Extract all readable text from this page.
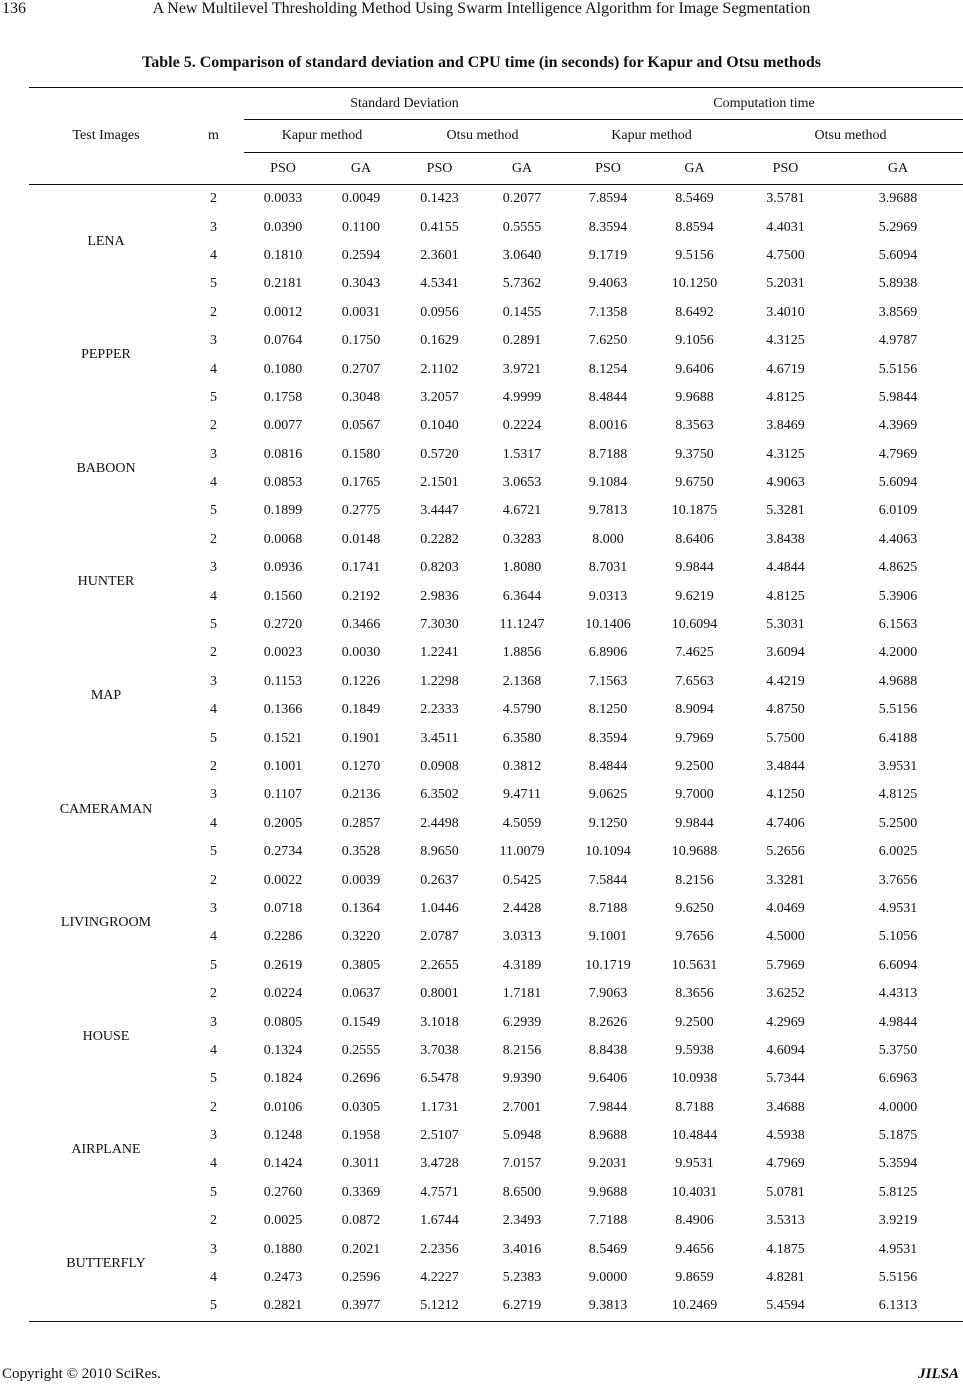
136	A New Multilevel Thresholding Method Using Swarm Intelligence Algorithm for Image Segmentation
Table 5. Comparison of standard deviation and CPU time (in seconds) for Kapur and Otsu methods
Test Images	m	Standard Deviation				Computation time			
		Kapur method		Otsu method		Kapur method		Otsu method	
		PSO	GA	PSO	GA	PSO	GA	PSO	GA
LENA	2	0.0033	0.0049	0.1423	0.2077	7.8594	8.5469	3.5781	3.9688
	3	0.0390	0.1100	0.4155	0.5555	8.3594	8.8594	4.4031	5.2969
	4	0.1810	0.2594	2.3601	3.0640	9.1719	9.5156	4.7500	5.6094
	5	0.2181	0.3043	4.5341	5.7362	9.4063	10.1250	5.2031	5.8938
PEPPER	2	0.0012	0.0031	0.0956	0.1455	7.1358	8.6492	3.4010	3.8569
	3	0.0764	0.1750	0.1629	0.2891	7.6250	9.1056	4.3125	4.9787
	4	0.1080	0.2707	2.1102	3.9721	8.1254	9.6406	4.6719	5.5156
	5	0.1758	0.3048	3.2057	4.9999	8.4844	9.9688	4.8125	5.9844
BABOON	2	0.0077	0.0567	0.1040	0.2224	8.0016	8.3563	3.8469	4.3969
	3	0.0816	0.1580	0.5720	1.5317	8.7188	9.3750	4.3125	4.7969
	4	0.0853	0.1765	2.1501	3.0653	9.1084	9.6750	4.9063	5.6094
	5	0.1899	0.2775	3.4447	4.6721	9.7813	10.1875	5.3281	6.0109
HUNTER	2	0.0068	0.0148	0.2282	0.3283	8.000	8.6406	3.8438	4.4063
	3	0.0936	0.1741	0.8203	1.8080	8.7031	9.9844	4.4844	4.8625
	4	0.1560	0.2192	2.9836	6.3644	9.0313	9.6219	4.8125	5.3906
	5	0.2720	0.3466	7.3030	11.1247	10.1406	10.6094	5.3031	6.1563
MAP	2	0.0023	0.0030	1.2241	1.8856	6.8906	7.4625	3.6094	4.2000
	3	0.1153	0.1226	1.2298	2.1368	7.1563	7.6563	4.4219	4.9688
	4	0.1366	0.1849	2.2333	4.5790	8.1250	8.9094	4.8750	5.5156
	5	0.1521	0.1901	3.4511	6.3580	8.3594	9.7969	5.7500	6.4188
CAMERAMAN	2	0.1001	0.1270	0.0908	0.3812	8.4844	9.2500	3.4844	3.9531
	3	0.1107	0.2136	6.3502	9.4711	9.0625	9.7000	4.1250	4.8125
	4	0.2005	0.2857	2.4498	4.5059	9.1250	9.9844	4.7406	5.2500
	5	0.2734	0.3528	8.9650	11.0079	10.1094	10.9688	5.2656	6.0025
LIVINGROOM	2	0.0022	0.0039	0.2637	0.5425	7.5844	8.2156	3.3281	3.7656
	3	0.0718	0.1364	1.0446	2.4428	8.7188	9.6250	4.0469	4.9531
	4	0.2286	0.3220	2.0787	3.0313	9.1001	9.7656	4.5000	5.1056
	5	0.2619	0.3805	2.2655	4.3189	10.1719	10.5631	5.7969	6.6094
HOUSE	2	0.0224	0.0637	0.8001	1.7181	7.9063	8.3656	3.6252	4.4313
	3	0.0805	0.1549	3.1018	6.2939	8.2626	9.2500	4.2969	4.9844
	4	0.1324	0.2555	3.7038	8.2156	8.8438	9.5938	4.6094	5.3750
	5	0.1824	0.2696	6.5478	9.9390	9.6406	10.0938	5.7344	6.6963
AIRPLANE	2	0.0106	0.0305	1.1731	2.7001	7.9844	8.7188	3.4688	4.0000
	3	0.1248	0.1958	2.5107	5.0948	8.9688	10.4844	4.5938	5.1875
	4	0.1424	0.3011	3.4728	7.0157	9.2031	9.9531	4.7969	5.3594
	5	0.2760	0.3369	4.7571	8.6500	9.9688	10.4031	5.0781	5.8125
BUTTERFLY	2	0.0025	0.0872	1.6744	2.3493	7.7188	8.4906	3.5313	3.9219
	3	0.1880	0.2021	2.2356	3.4016	8.5469	9.4656	4.1875	4.9531
	4	0.2473	0.2596	4.2227	5.2383	9.0000	9.8659	4.8281	5.5156
	5	0.2821	0.3977	5.1212	6.2719	9.3813	10.2469	5.4594	6.1313
Copyright © 2010 SciRes.	JILSA
